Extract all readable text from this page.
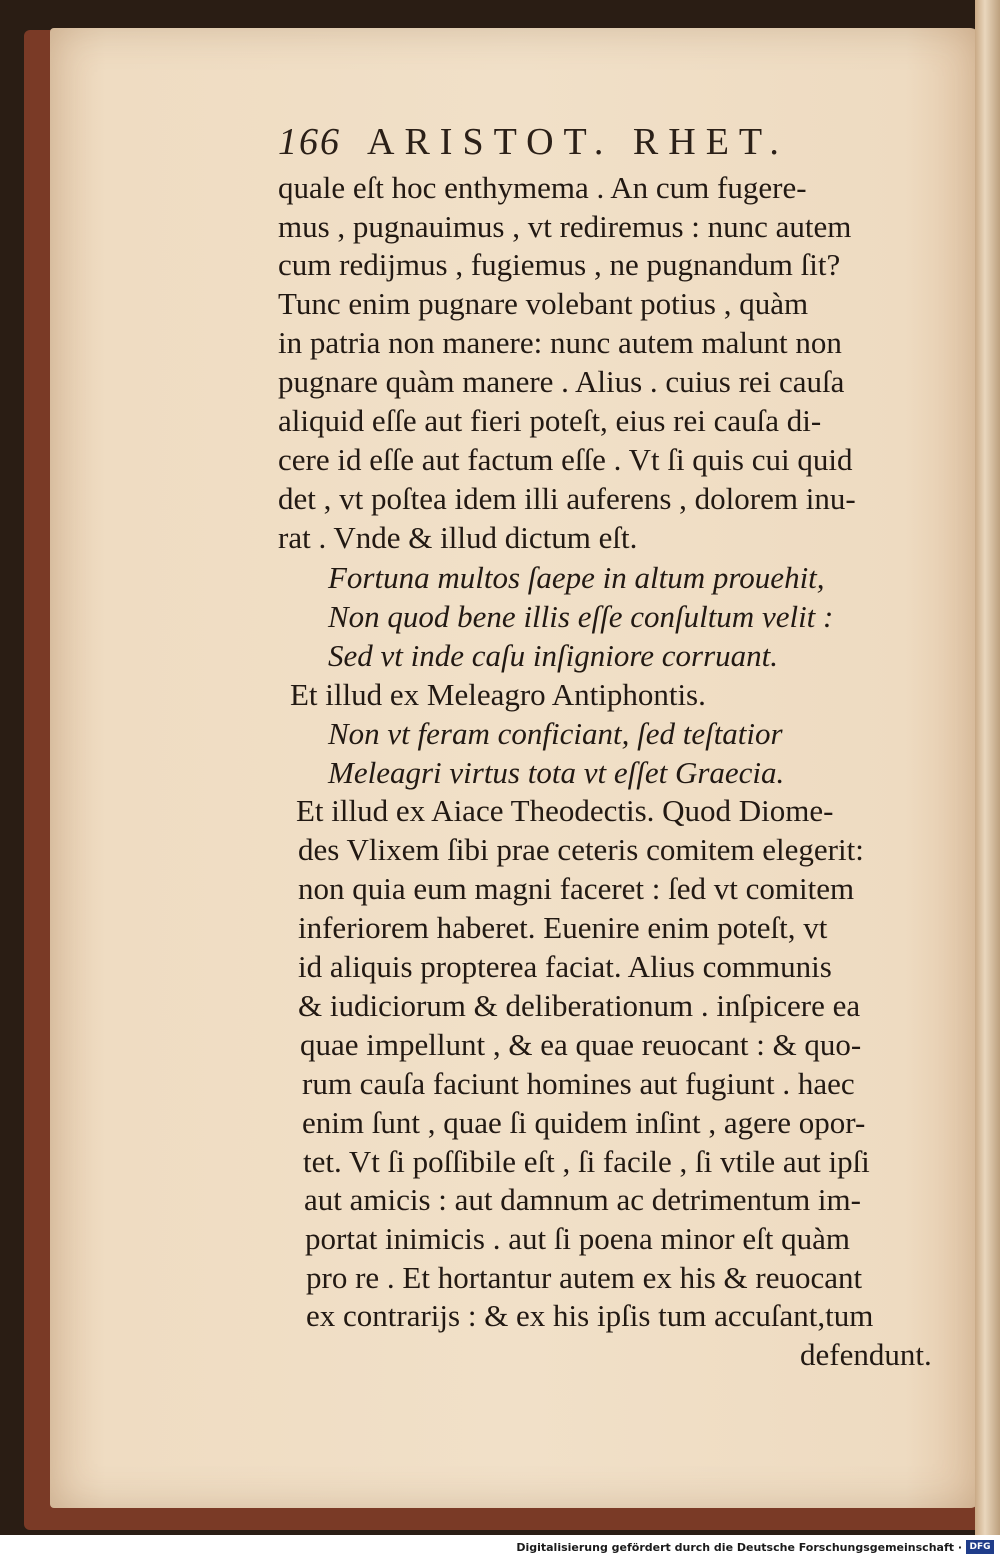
166 ARISTOT. RHET.
quale eſt hoc enthymema . An cum fugere-
mus , pugnauimus , vt rediremus : nunc autem
cum redijmus , fugiemus , ne pugnandum ſit?
Tunc enim pugnare volebant potius , quàm
in patria non manere: nunc autem malunt non
pugnare quàm manere . Alius . cuius rei cauſa
aliquid eſſe aut fieri poteſt, eius rei cauſa di-
cere id eſſe aut factum eſſe . Vt ſi quis cui quid
det , vt poſtea idem illi auferens , dolorem inu-
rat . Vnde & illud dictum eſt.
Fortuna multos ſaepe in altum prouehit,
Non quod bene illis eſſe conſultum velit :
Sed vt inde caſu inſigniore corruant.
Et illud ex Meleagro Antiphontis.
Non vt feram conficiant, ſed teſtatior
Meleagri virtus tota vt eſſet Graecia.
Et illud ex Aiace Theodectis. Quod Diome-
des Vlixem ſibi prae ceteris comitem elegerit:
non quia eum magni faceret : ſed vt comitem
inferiorem haberet. Euenire enim poteſt, vt
id aliquis propterea faciat. Alius communis
& iudiciorum & deliberationum . inſpicere ea
quae impellunt , & ea quae reuocant : & quo-
rum cauſa faciunt homines aut fugiunt . haec
enim ſunt , quae ſi quidem inſint , agere opor-
tet. Vt ſi poſſibile eſt , ſi facile , ſi vtile aut ipſi
aut amicis : aut damnum ac detrimentum im-
portat inimicis . aut ſi poena minor eſt quàm
pro re . Et hortantur autem ex his & reuocant
ex contrarijs : & ex his ipſis tum accuſant,tum
defendunt.
Digitalisierung gefördert durch die Deutsche Forschungsgemeinschaft · DFG
